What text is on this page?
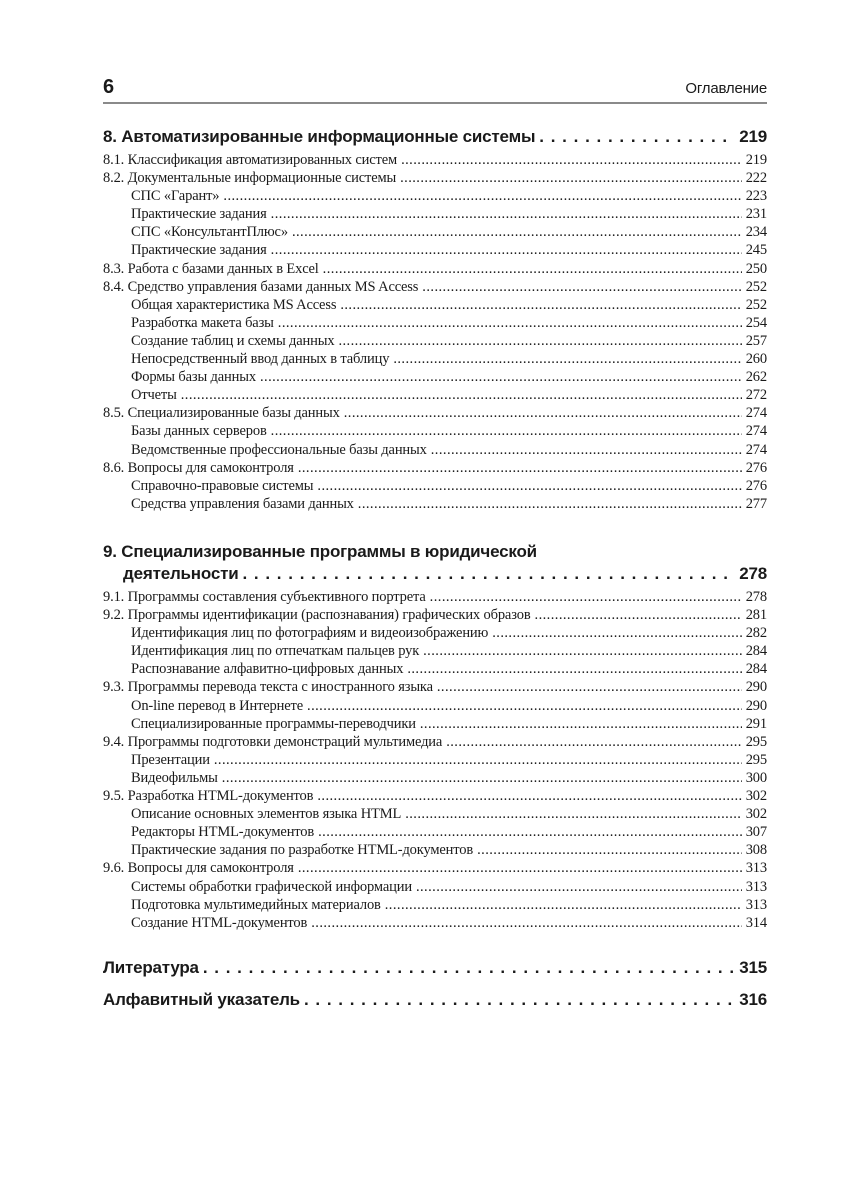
6	Оглавление
8. Автоматизированные информационные системы . . .	219
8.1. Классификация автоматизированных систем . . .	219
8.2. Документальные информационные системы . . .	222
СПС «Гарант» . . .	223
Практические задания . . .	231
СПС «КонсультантПлюс» . . .	234
Практические задания . . .	245
8.3. Работа с базами данных в Excel . . .	250
8.4. Средство управления базами данных MS Access . . .	252
Общая характеристика MS Access . . .	252
Разработка макета базы . . .	254
Создание таблиц и схемы данных . . .	257
Непосредственный ввод данных в таблицу . . .	260
Формы базы данных . . .	262
Отчеты . . .	272
8.5. Специализированные базы данных . . .	274
Базы данных серверов . . .	274
Ведомственные профессиональные базы данных . . .	274
8.6. Вопросы для самоконтроля . . .	276
Справочно-правовые системы . . .	276
Средства управления базами данных . . .	277
9. Специализированные программы в юридической
деятельности . . .	278
9.1. Программы составления субъективного портрета . . .	278
9.2. Программы идентификации (распознавания) графических образов . . .	281
Идентификация лиц по фотографиям и видеоизображению . . .	282
Идентификация лиц по отпечаткам пальцев рук . . .	284
Распознавание алфавитно-цифровых данных . . .	284
9.3. Программы перевода текста с иностранного языка . . .	290
On-line перевод в Интернете . . .	290
Специализированные программы-переводчики . . .	291
9.4. Программы подготовки демонстраций мультимедиа . . .	295
Презентации . . .	295
Видеофильмы . . .	300
9.5. Разработка HTML-документов . . .	302
Описание основных элементов языка HTML . . .	302
Редакторы HTML-документов . . .	307
Практические задания по разработке HTML-документов . . .	308
9.6. Вопросы для самоконтроля . . .	313
Системы обработки графической информации . . .	313
Подготовка мультимедийных материалов . . .	313
Создание HTML-документов . . .	314
Литература . . .	315
Алфавитный указатель . . .	316
